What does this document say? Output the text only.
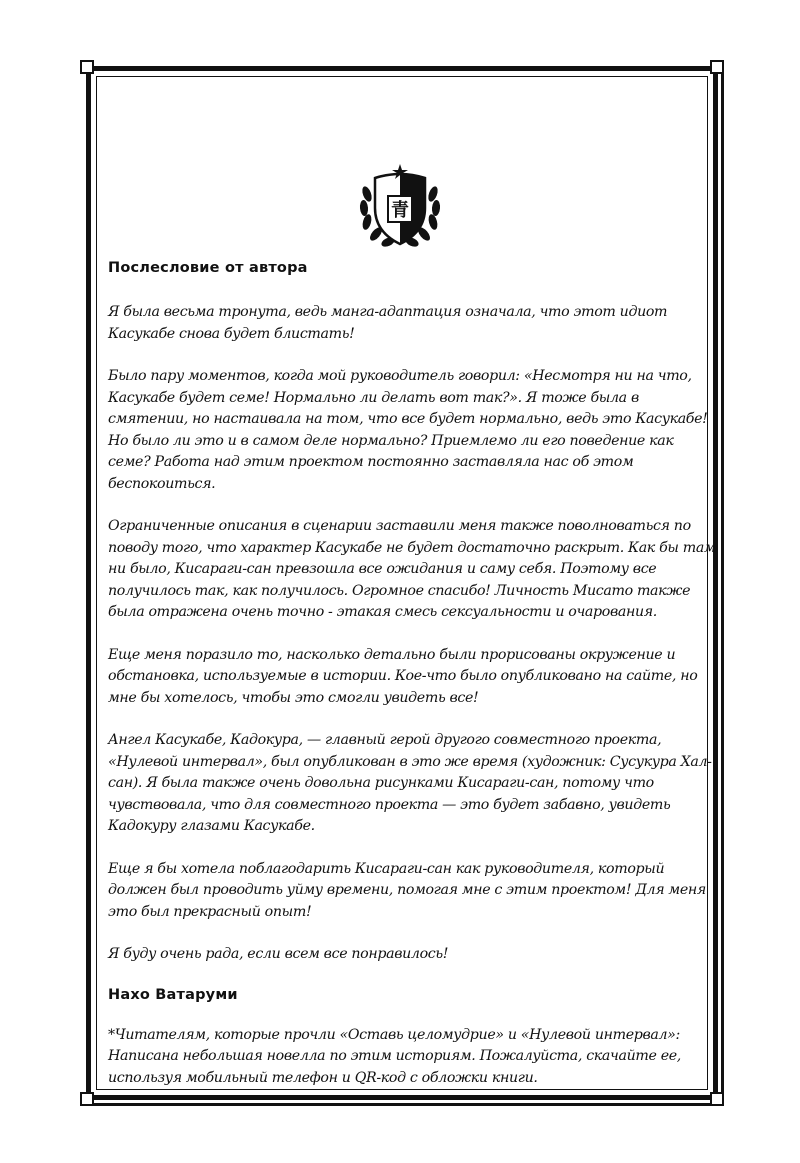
青
Послесловие от автора

Я была весьма тронута, ведь манга-адаптация означала, что этот идиот Касукабе снова будет блистать!

Было пару моментов, когда мой руководитель говорил: «Несмотря ни на что, Касукабе будет семе! Нормально ли делать вот так?». Я тоже была в смятении, но настаивала на том, что все будет нормально, ведь это Касукабе! Но было ли это и в самом деле нормально? Приемлемо ли его поведение как семе? Работа над этим проектом постоянно заставляла нас об этом беспокоиться.

Ограниченные описания в сценарии заставили меня также поволноваться по поводу того, что характер Касукабе не будет достаточно раскрыт. Как бы там ни было, Кисараги-сан превзошла все ожидания и саму себя. Поэтому все получилось так, как получилось. Огромное спасибо! Личность Мисато также была отражена очень точно - этакая смесь сексуальности и очарования.

Еще меня поразило то, насколько детально были прорисованы окружение и обстановка, используемые в истории. Кое-что было опубликовано на сайте, но мне бы хотелось, чтобы это смогли увидеть все!

Ангел Касукабе, Кадокура, — главный герой другого совместного проекта, «Нулевой интервал», был опубликован в это же время (художник: Сусукура Хал-сан). Я была также очень довольна рисунками Кисараги-сан, потому что чувствовала, что для совместного проекта — это будет забавно, увидеть Кадокуру глазами Касукабе.

Еще я бы хотела поблагодарить Кисараги-сан как руководителя, который должен был проводить уйму времени, помогая мне с этим проектом! Для меня это был прекрасный опыт!

Я буду очень рада, если всем все понравилось!

Нахо Ватаруми

*Читателям, которые прочли «Оставь целомудрие» и «Нулевой интервал»: Написана небольшая новелла по этим историям. Пожалуйста, скачайте ее, используя мобильный телефон и QR-код с обложки книги.
